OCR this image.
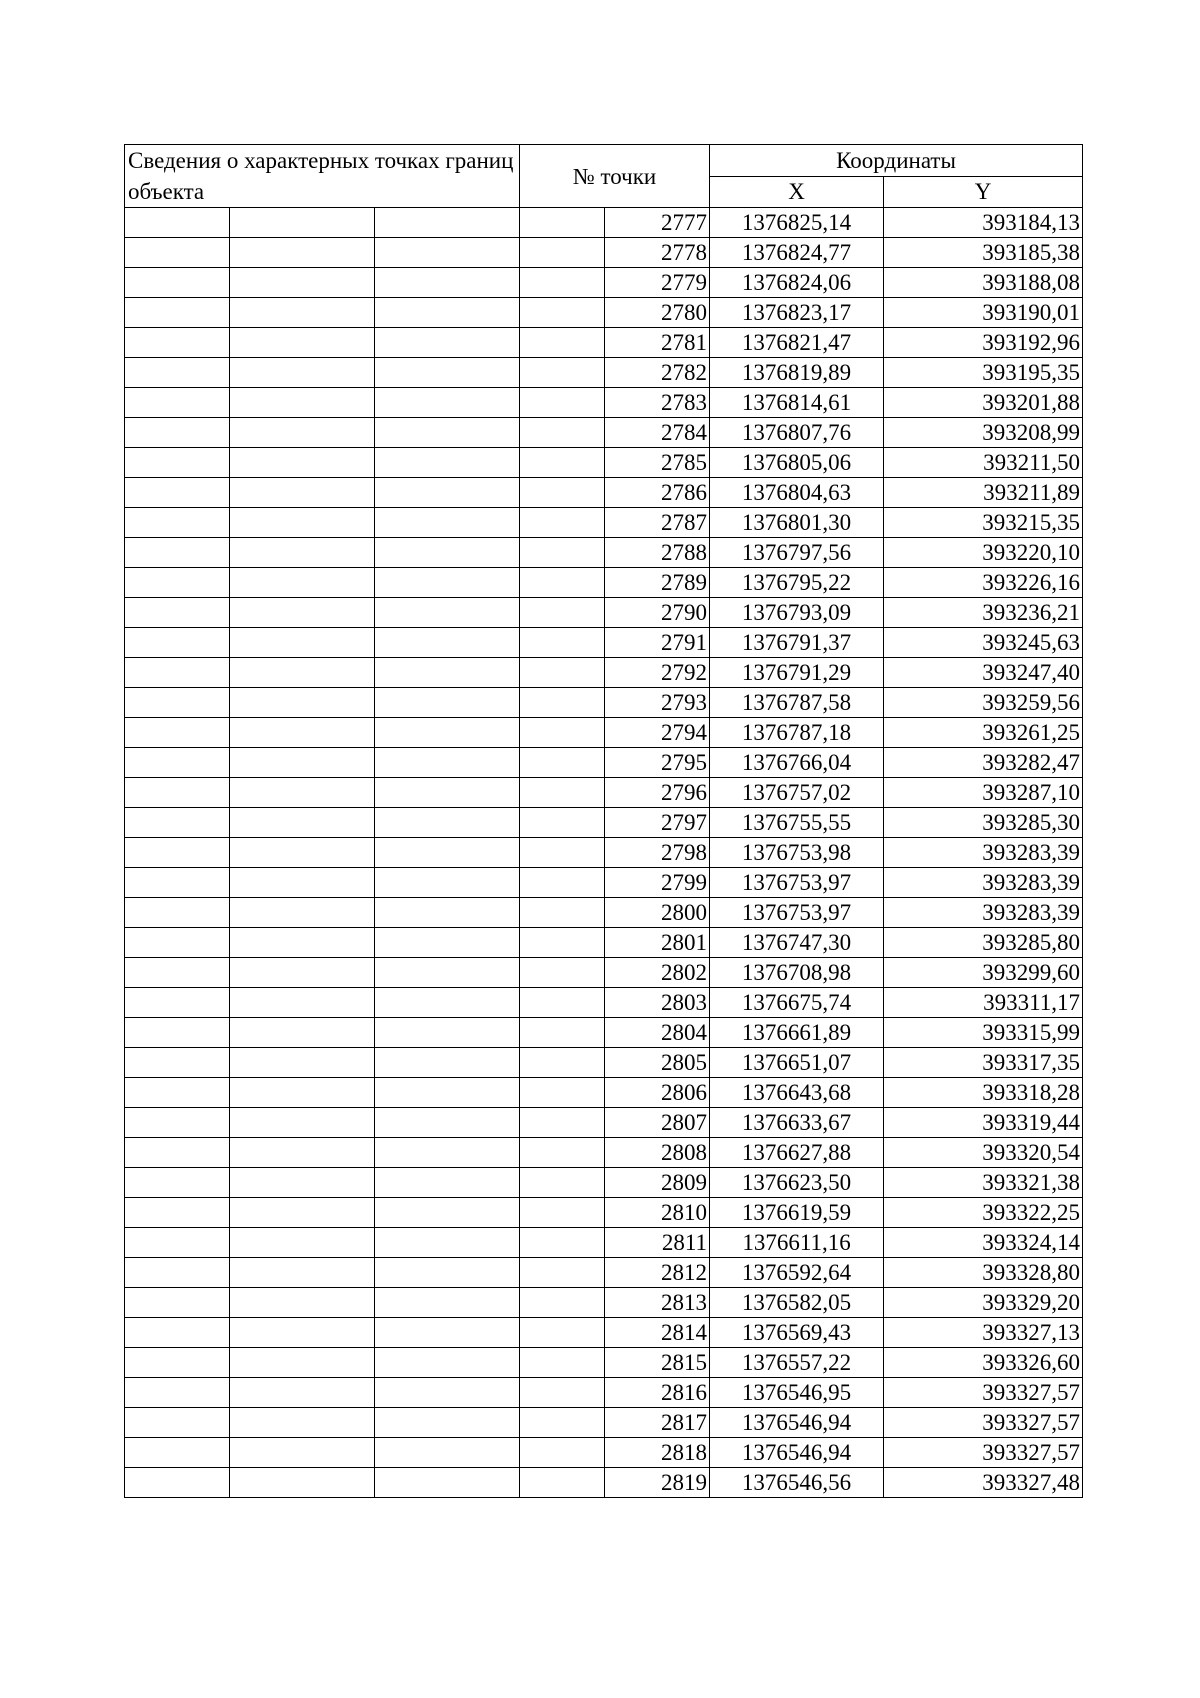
Сведения о характерных точках границ объекта			№ точки		Координаты	
					X	Y
				2777	1376825,14	393184,13
				2778	1376824,77	393185,38
				2779	1376824,06	393188,08
				2780	1376823,17	393190,01
				2781	1376821,47	393192,96
				2782	1376819,89	393195,35
				2783	1376814,61	393201,88
				2784	1376807,76	393208,99
				2785	1376805,06	393211,50
				2786	1376804,63	393211,89
				2787	1376801,30	393215,35
				2788	1376797,56	393220,10
				2789	1376795,22	393226,16
				2790	1376793,09	393236,21
				2791	1376791,37	393245,63
				2792	1376791,29	393247,40
				2793	1376787,58	393259,56
				2794	1376787,18	393261,25
				2795	1376766,04	393282,47
				2796	1376757,02	393287,10
				2797	1376755,55	393285,30
				2798	1376753,98	393283,39
				2799	1376753,97	393283,39
				2800	1376753,97	393283,39
				2801	1376747,30	393285,80
				2802	1376708,98	393299,60
				2803	1376675,74	393311,17
				2804	1376661,89	393315,99
				2805	1376651,07	393317,35
				2806	1376643,68	393318,28
				2807	1376633,67	393319,44
				2808	1376627,88	393320,54
				2809	1376623,50	393321,38
				2810	1376619,59	393322,25
				2811	1376611,16	393324,14
				2812	1376592,64	393328,80
				2813	1376582,05	393329,20
				2814	1376569,43	393327,13
				2815	1376557,22	393326,60
				2816	1376546,95	393327,57
				2817	1376546,94	393327,57
				2818	1376546,94	393327,57
				2819	1376546,56	393327,48
